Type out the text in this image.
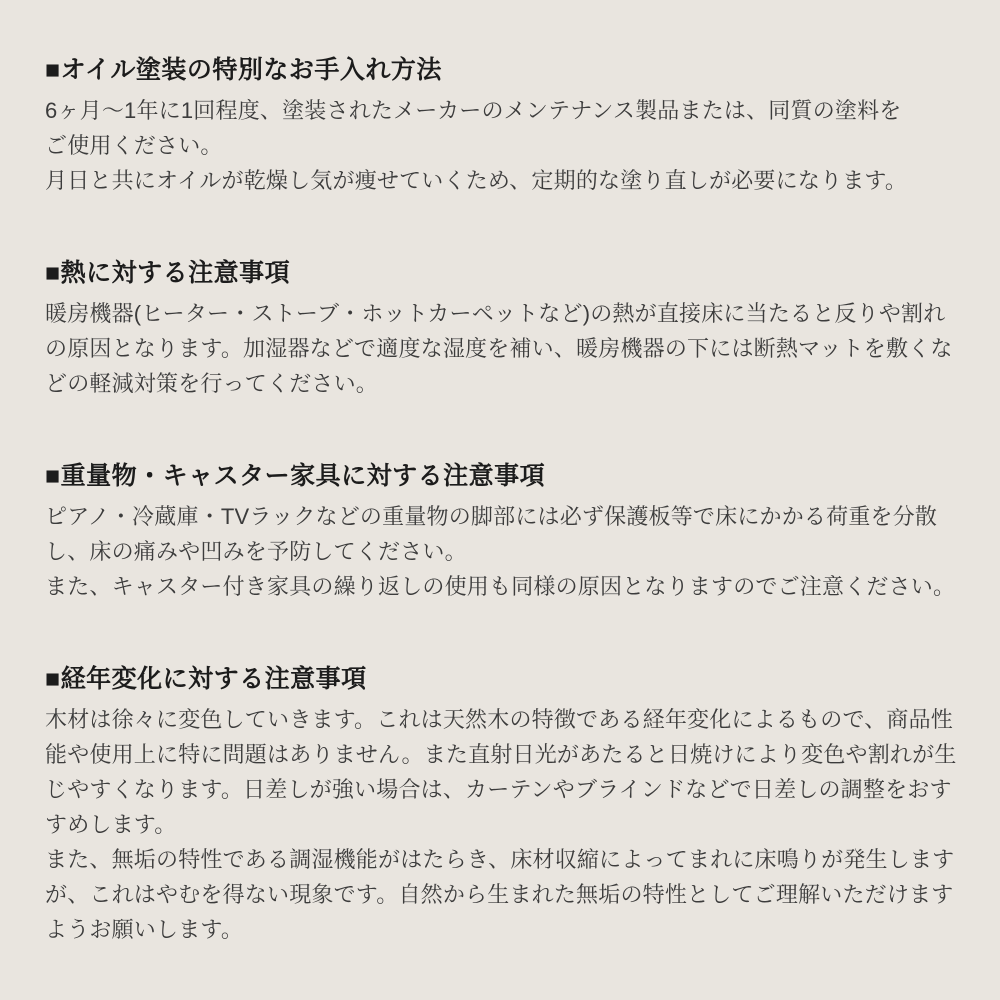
■オイル塗装の特別なお手入れ方法
6ヶ月〜1年に1回程度、塗装されたメーカーのメンテナンス製品または、同質の塗料を
ご使用ください。
月日と共にオイルが乾燥し気が痩せていくため、定期的な塗り直しが必要になります。
■熱に対する注意事項
暖房機器(ヒーター・ストーブ・ホットカーペットなど)の熱が直接床に当たると反りや割れ
の原因となります。加湿器などで適度な湿度を補い、暖房機器の下には断熱マットを敷くな
どの軽減対策を行ってください。
■重量物・キャスター家具に対する注意事項
ピアノ・冷蔵庫・TVラックなどの重量物の脚部には必ず保護板等で床にかかる荷重を分散
し、床の痛みや凹みを予防してください。
また、キャスター付き家具の繰り返しの使用も同様の原因となりますのでご注意ください。
■経年変化に対する注意事項
木材は徐々に変色していきます。これは天然木の特徴である経年変化によるもので、商品性
能や使用上に特に問題はありません。また直射日光があたると日焼けにより変色や割れが生
じやすくなります。日差しが強い場合は、カーテンやブラインドなどで日差しの調整をおす
すめします。
また、無垢の特性である調湿機能がはたらき、床材収縮によってまれに床鳴りが発生します
が、これはやむを得ない現象です。自然から生まれた無垢の特性としてご理解いただけます
ようお願いします。
